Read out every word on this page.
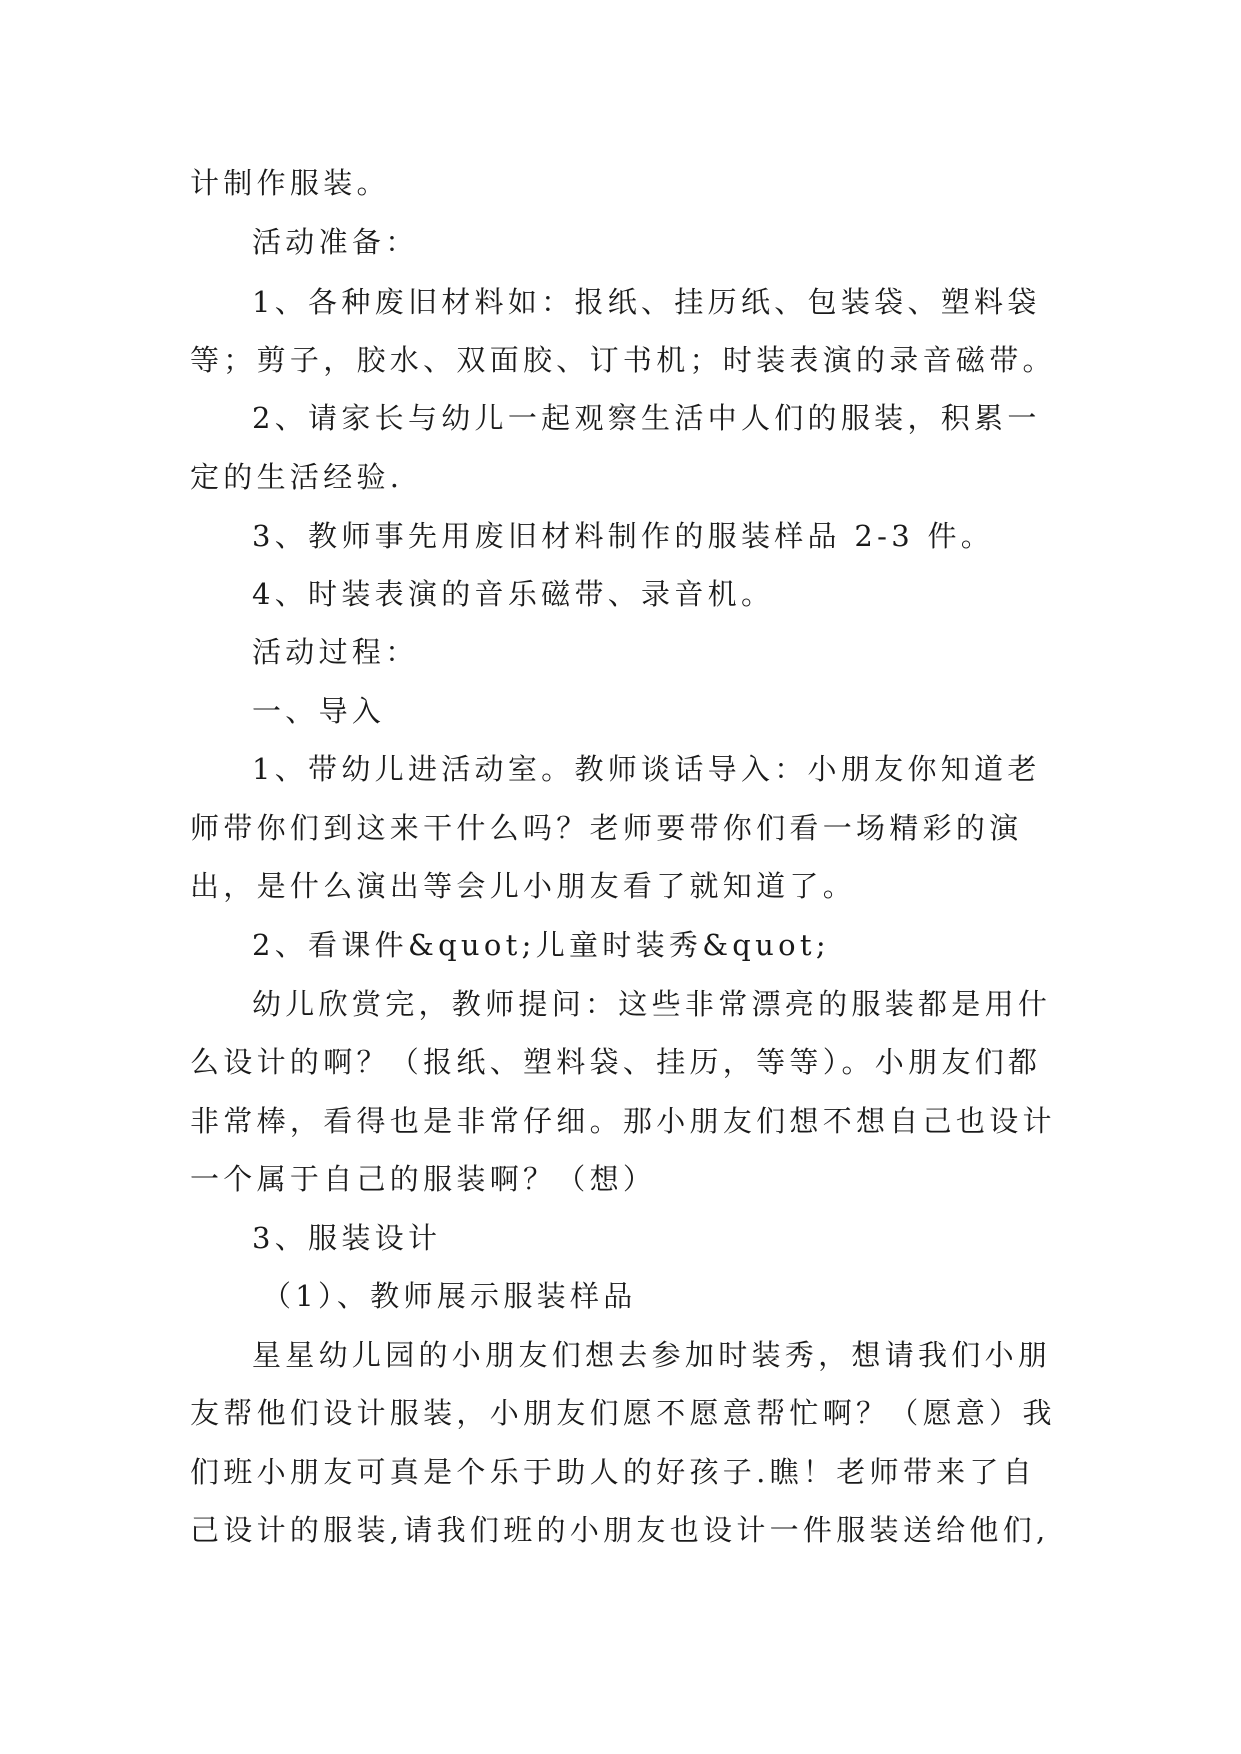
计制作服装。

活动准备：

1、各种废旧材料如：报纸、挂历纸、包装袋、塑料袋

等；剪子，胶水、双面胶、订书机；时装表演的录音磁带。

2、请家长与幼儿一起观察生活中人们的服装，积累一

定的生活经验.

3、教师事先用废旧材料制作的服装样品 2-3 件。

4、时装表演的音乐磁带、录音机。

活动过程：

一、导入

1、带幼儿进活动室。教师谈话导入：小朋友你知道老

师带你们到这来干什么吗？老师要带你们看一场精彩的演

出，是什么演出等会儿小朋友看了就知道了。

2、看课件&quot;儿童时装秀&quot;

幼儿欣赏完，教师提问：这些非常漂亮的服装都是用什

么设计的啊？（报纸、塑料袋、挂历，等等）。小朋友们都

非常棒，看得也是非常仔细。那小朋友们想不想自己也设计

一个属于自己的服装啊？（想）

3、服装设计

（1）、教师展示服装样品

星星幼儿园的小朋友们想去参加时装秀，想请我们小朋

友帮他们设计服装，小朋友们愿不愿意帮忙啊？（愿意）我

们班小朋友可真是个乐于助人的好孩子.瞧！老师带来了自

己设计的服装,请我们班的小朋友也设计一件服装送给他们,
